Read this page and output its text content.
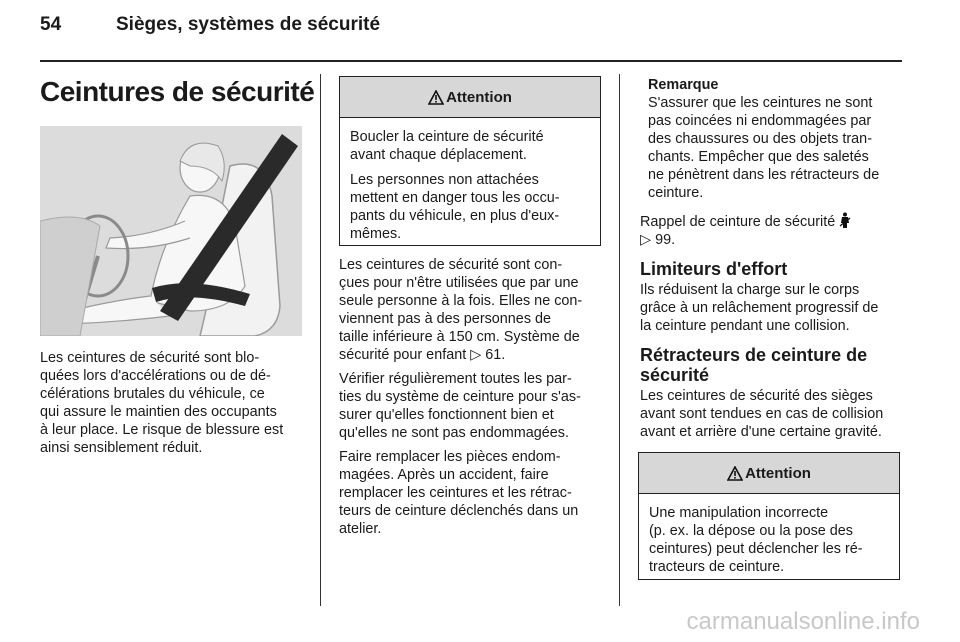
54	Sièges, systèmes de sécurité
Ceintures de sécurité

Les ceintures de sécurité sont blo-
quées lors d'accélérations ou de dé-
célérations brutales du véhicule, ce
qui assure le maintien des occupants
à leur place. Le risque de blessure est
ainsi sensiblement réduit.

Attention

Boucler la ceinture de sécurité
avant chaque déplacement.

Les personnes non attachées
mettent en danger tous les occu-
pants du véhicule, en plus d'eux-
mêmes.

Les ceintures de sécurité sont con-
çues pour n'être utilisées que par une
seule personne à la fois. Elles ne con-
viennent pas à des personnes de
taille inférieure à 150 cm. Système de
sécurité pour enfant ▷ 61.

Vérifier régulièrement toutes les par-
ties du système de ceinture pour s'as-
surer qu'elles fonctionnent bien et
qu'elles ne sont pas endommagées.

Faire remplacer les pièces endom-
magées. Après un accident, faire
remplacer les ceintures et les rétrac-
teurs de ceinture déclenchés dans un
atelier.

Remarque
S'assurer que les ceintures ne sont
pas coincées ni endommagées par
des chaussures ou des objets tran-
chants. Empêcher que des saletés
ne pénètrent dans les rétracteurs de
ceinture.

Rappel de ceinture de sécurité
▷ 99.

Limiteurs d'effort

Ils réduisent la charge sur le corps
grâce à un relâchement progressif de
la ceinture pendant une collision.

Rétracteurs de ceinture de
sécurité

Les ceintures de sécurité des sièges
avant sont tendues en cas de collision
avant et arrière d'une certaine gravité.

Attention

Une manipulation incorrecte
(p. ex. la dépose ou la pose des
ceintures) peut déclencher les ré-
tracteurs de ceinture.

carmanualsonline.info
